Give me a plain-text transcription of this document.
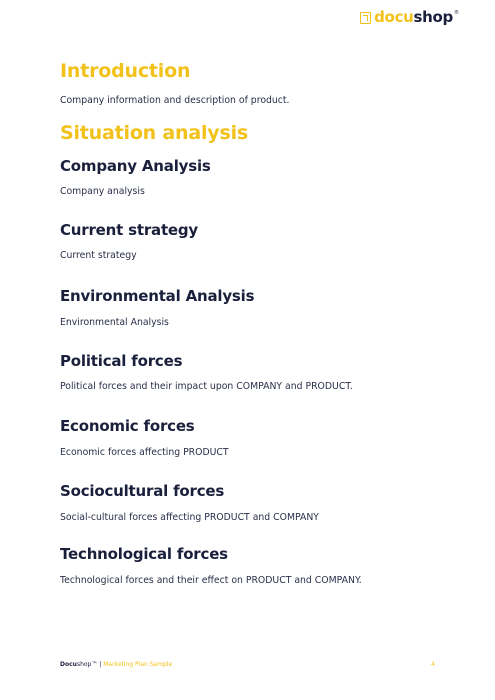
docushop ®
Introduction

Company information and description of product.

Situation analysis
Company Analysis

Company analysis

Current strategy

Current strategy

Environmental Analysis

Environmental Analysis

Political forces

Political forces and their impact upon COMPANY and PRODUCT.

Economic forces

Economic forces affecting PRODUCT

Sociocultural forces

Social-cultural forces affecting PRODUCT and COMPANY

Technological forces

Technological forces and their effect on PRODUCT and COMPANY.

Docushop™ | Marketing Plan Sample	4
